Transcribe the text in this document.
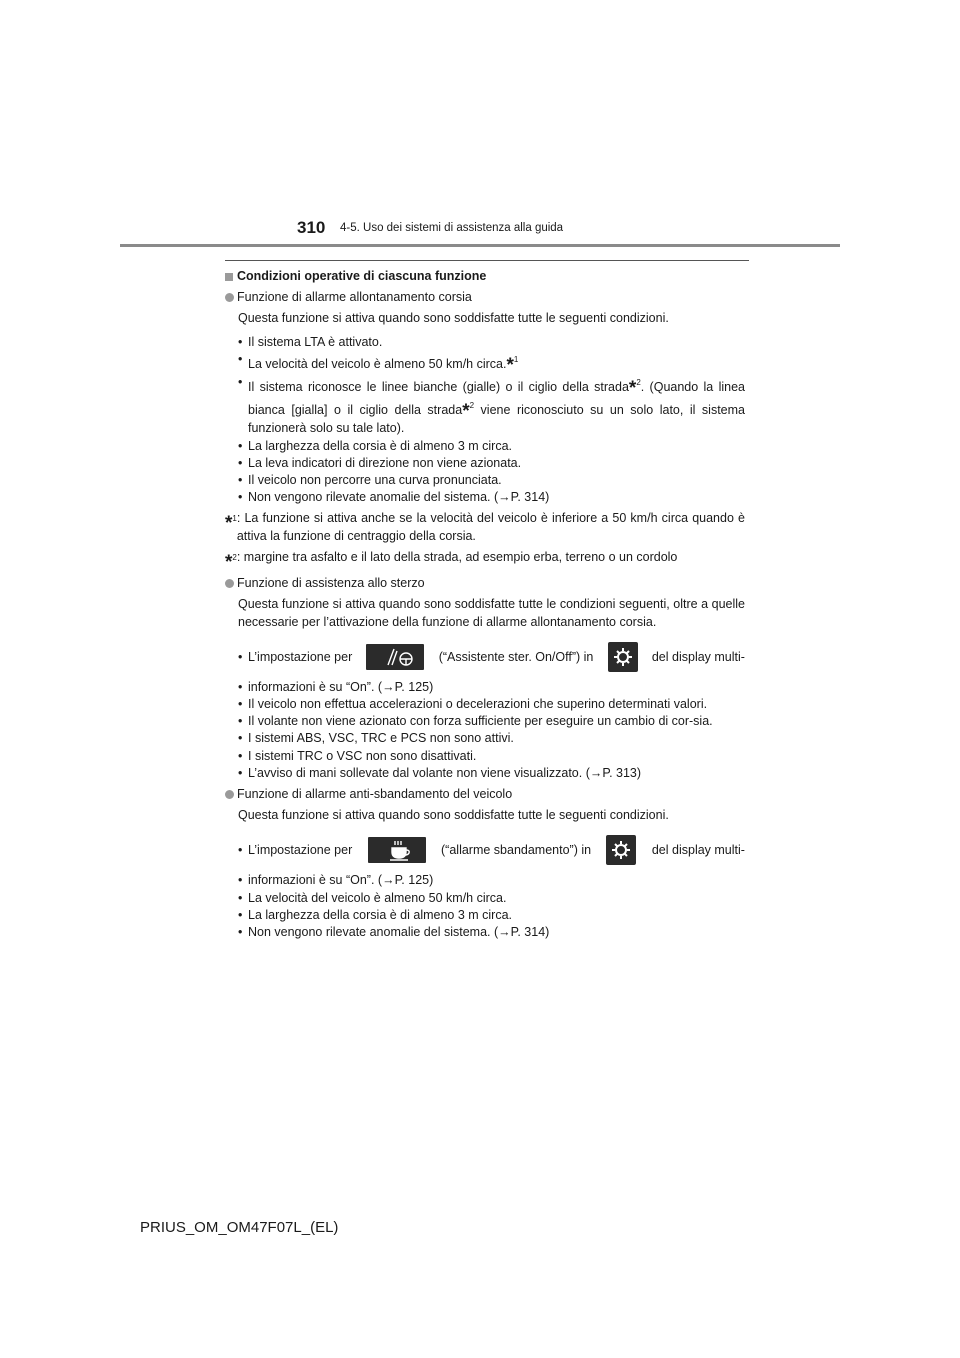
310 4-5. Uso dei sistemi di assistenza alla guida
Condizioni operative di ciascuna funzione
Funzione di allarme allontanamento corsia
Questa funzione si attiva quando sono soddisfatte tutte le seguenti condizioni.
• Il sistema LTA è attivato.
• La velocità del veicolo è almeno 50 km/h circa.*$^1$
• Il sistema riconosce le linee bianche (gialle) o il ciglio della strada*$^2$. (Quando la linea bianca [gialla] o il ciglio della strada*$^2$ viene riconosciuto su un solo lato, il sistema funzionerà solo su tale lato).
• La larghezza della corsia è di almeno 3 m circa.
• La leva indicatori di direzione non viene azionata.
• Il veicolo non percorre una curva pronunciata.
• Non vengono rilevate anomalie del sistema. (→P. 314)
*$^1$ : La funzione si attiva anche se la velocità del veicolo è inferiore a 50 km/h circa quando è attiva la funzione di centraggio della corsia.
*$^2$ : margine tra asfalto e il lato della strada, ad esempio erba, terreno o un cordolo
Funzione di assistenza allo sterzo
Questa funzione si attiva quando sono soddisfatte tutte le condizioni seguenti, oltre a quelle necessarie per l’attivazione della funzione di allarme allontanamento corsia.
• L’impostazione per	(“Assistente ster. On/Off”) in	del display multi-
• informazioni è su “On”. (→P. 125)
• Il veicolo non effettua accelerazioni o decelerazioni che superino determinati valori.
• Il volante non viene azionato con forza sufficiente per eseguire un cambio di cor-sia.
• I sistemi ABS, VSC, TRC e PCS non sono attivi.
• I sistemi TRC o VSC non sono disattivati.
• L’avviso di mani sollevate dal volante non viene visualizzato. (→P. 313)
Funzione di allarme anti-sbandamento del veicolo
Questa funzione si attiva quando sono soddisfatte tutte le seguenti condizioni.
• L’impostazione per	(“allarme sbandamento”) in	del display multi-
• informazioni è su “On”. (→P. 125)
• La velocità del veicolo è almeno 50 km/h circa.
• La larghezza della corsia è di almeno 3 m circa.
• Non vengono rilevate anomalie del sistema. (→P. 314)
PRIUS_OM_OM47F07L_(EL)
